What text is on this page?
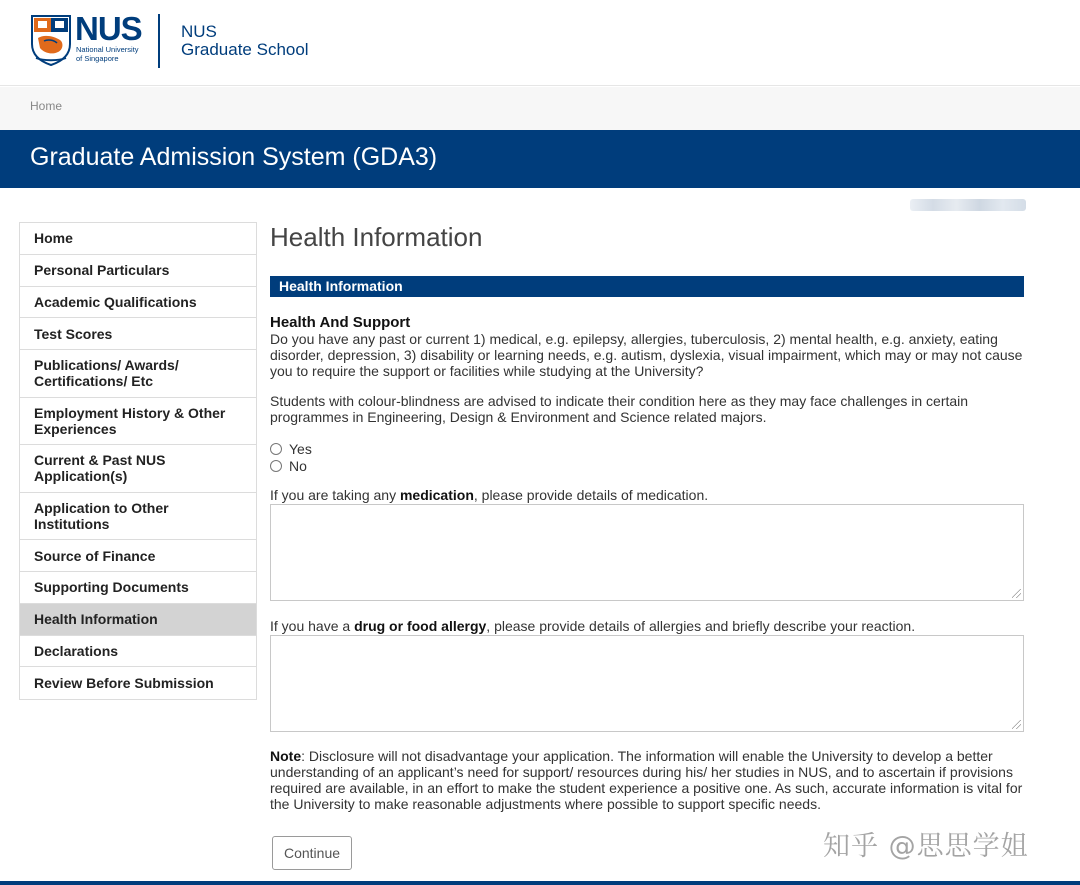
NUS
National University
of Singapore
NUS
Graduate School
Home
Graduate Admission System (GDA3)
Home
Personal Particulars
Academic Qualifications
Test Scores
Publications/ Awards/ Certifications/ Etc
Employment History & Other Experiences
Current & Past NUS Application(s)
Application to Other Institutions
Source of Finance
Supporting Documents
Health Information
Declarations
Review Before Submission
Health Information
Health Information
Health And Support

Do you have any past or current 1) medical, e.g. epilepsy, allergies, tuberculosis, 2) mental health, e.g. anxiety, eating disorder, depression, 3) disability or learning needs, e.g. autism, dyslexia, visual impairment, which may or may not cause you to require the support or facilities while studying at the University?

Students with colour-blindness are advised to indicate their condition here as they may face challenges in certain programmes in Engineering, Design & Environment and Science related majors.

Yes
No

If you are taking any medication, please provide details of medication.

If you have a drug or food allergy, please provide details of allergies and briefly describe your reaction.

Note: Disclosure will not disadvantage your application. The information will enable the University to develop a better understanding of an applicant’s need for support/ resources during his/ her studies in NUS, and to ascertain if provisions required are available, in an effort to make the student experience a positive one. As such, accurate information is vital for the University to make reasonable adjustments where possible to support specific needs.

Continue	知乎 @思思学姐
